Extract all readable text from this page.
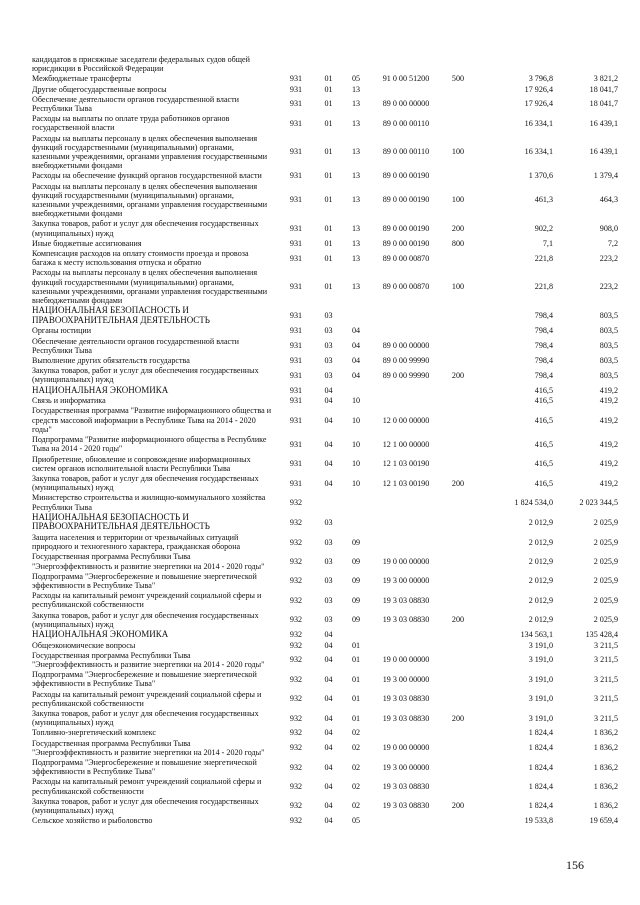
кандидатов в присяжные заседатели федеральных судов общей юрисдикции в Российской Федерации							
Межбюджетные трансферты	931	01	05	91 0 00 51200	500	3 796,8	3 821,2
Другие общегосударственные вопросы	931	01	13			17 926,4	18 041,7
Обеспечение деятельности органов государственной власти Республики Тыва	931	01	13	89 0 00 00000		17 926,4	18 041,7
Расходы на выплаты по оплате труда работников органов государственной власти	931	01	13	89 0 00 00110		16 334,1	16 439,1
Расходы на выплаты персоналу в целях обеспечения выполнения функций государственными (муниципальными) органами, казенными учреждениями, органами управления государственными внебюджетными фондами	931	01	13	89 0 00 00110	100	16 334,1	16 439,1
Расходы на обеспечение функций органов государственной власти	931	01	13	89 0 00 00190		1 370,6	1 379,4
Расходы на выплаты персоналу в целях обеспечения выполнения функций государственными (муниципальными) органами, казенными учреждениями, органами управления государственными внебюджетными фондами	931	01	13	89 0 00 00190	100	461,3	464,3
Закупка товаров, работ и услуг для обеспечения государственных (муниципальных) нужд	931	01	13	89 0 00 00190	200	902,2	908,0
Иные бюджетные ассигнования	931	01	13	89 0 00 00190	800	7,1	7,2
Компенсация расходов на оплату стоимости проезда и провоза багажа к месту использования отпуска и обратно	931	01	13	89 0 00 00870		221,8	223,2
Расходы на выплаты персоналу в целях обеспечения выполнения функций государственными (муниципальными) органами, казенными учреждениями, органами управления государственными внебюджетными фондами	931	01	13	89 0 00 00870	100	221,8	223,2
НАЦИОНАЛЬНАЯ БЕЗОПАСНОСТЬ И ПРАВООХРАНИТЕЛЬНАЯ ДЕЯТЕЛЬНОСТЬ	931	03				798,4	803,5
Органы юстиции	931	03	04			798,4	803,5
Обеспечение деятельности органов государственной власти Республики Тыва	931	03	04	89 0 00 00000		798,4	803,5
Выполнение других обязательств государства	931	03	04	89 0 00 99990		798,4	803,5
Закупка товаров, работ и услуг для обеспечения государственных (муниципальных) нужд	931	03	04	89 0 00 99990	200	798,4	803,5
НАЦИОНАЛЬНАЯ ЭКОНОМИКА	931	04				416,5	419,2
Связь и информатика	931	04	10			416,5	419,2
Государственная программа "Развитие информационного общества и средств массовой информации в Республике Тыва на 2014 - 2020 годы"	931	04	10	12 0 00 00000		416,5	419,2
Подпрограмма "Развитие информационного общества в Республике Тыва на 2014 - 2020 годы"	931	04	10	12 1 00 00000		416,5	419,2
Приобретение, обновление и сопровождение информационных систем органов исполнительной власти Республики Тыва	931	04	10	12 1 03 00190		416,5	419,2
Закупка товаров, работ и услуг для обеспечения государственных (муниципальных) нужд	931	04	10	12 1 03 00190	200	416,5	419,2
Министерство строительства и жилищно-коммунального хозяйства Республики Тыва	932					1 824 534,0	2 023 344,5
НАЦИОНАЛЬНАЯ БЕЗОПАСНОСТЬ И ПРАВООХРАНИТЕЛЬНАЯ ДЕЯТЕЛЬНОСТЬ	932	03				2 012,9	2 025,9
Защита населения и территории от чрезвычайных ситуаций природного и техногенного характера, гражданская оборона	932	03	09			2 012,9	2 025,9
Государственная программа Республики Тыва "Энергоэффективность и развитие энергетики на 2014 - 2020 годы"	932	03	09	19 0 00 00000		2 012,9	2 025,9
Подпрограмма "Энергосбережение и повышение энергетической эффективности в Республике Тыва"	932	03	09	19 3 00 00000		2 012,9	2 025,9
Расходы на капитальный ремонт учреждений социальной сферы и республиканской собственности	932	03	09	19 3 03 08830		2 012,9	2 025,9
Закупка товаров, работ и услуг для обеспечения государственных (муниципальных) нужд	932	03	09	19 3 03 08830	200	2 012,9	2 025,9
НАЦИОНАЛЬНАЯ ЭКОНОМИКА	932	04				134 563,1	135 428,4
Общеэкономические вопросы	932	04	01			3 191,0	3 211,5
Государственная программа Республики Тыва "Энергоэффективность и развитие энергетики на 2014 - 2020 годы"	932	04	01	19 0 00 00000		3 191,0	3 211,5
Подпрограмма "Энергосбережение и повышение энергетической эффективности в Республике Тыва"	932	04	01	19 3 00 00000		3 191,0	3 211,5
Расходы на капитальный ремонт учреждений социальной сферы и республиканской собственности	932	04	01	19 3 03 08830		3 191,0	3 211,5
Закупка товаров, работ и услуг для обеспечения государственных (муниципальных) нужд	932	04	01	19 3 03 08830	200	3 191,0	3 211,5
Топливно-энергетический комплекс	932	04	02			1 824,4	1 836,2
Государственная программа Республики Тыва "Энергоэффективность и развитие энергетики на 2014 - 2020 годы"	932	04	02	19 0 00 00000		1 824,4	1 836,2
Подпрограмма "Энергосбережение и повышение энергетической эффективности в Республике Тыва"	932	04	02	19 3 00 00000		1 824,4	1 836,2
Расходы на капитальный ремонт учреждений социальной сферы и республиканской собственности	932	04	02	19 3 03 08830		1 824,4	1 836,2
Закупка товаров, работ и услуг для обеспечения государственных (муниципальных) нужд	932	04	02	19 3 03 08830	200	1 824,4	1 836,2
Сельское хозяйство и рыболовство	932	04	05			19 533,8	19 659,4
156
